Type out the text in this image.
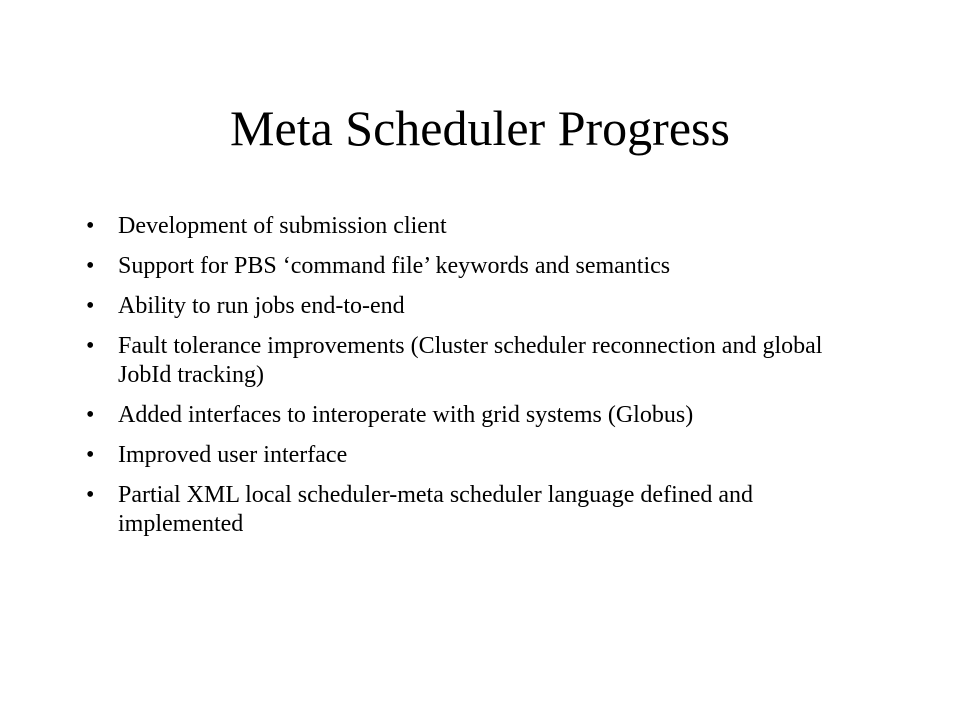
Meta Scheduler Progress
• Development of submission client
• Support for PBS ‘command file’ keywords and semantics
• Ability to run jobs end-to-end
• Fault tolerance improvements (Cluster scheduler reconnection and global JobId tracking)
• Added interfaces to interoperate with grid systems (Globus)
• Improved user interface
• Partial XML local scheduler-meta scheduler language defined and implemented
